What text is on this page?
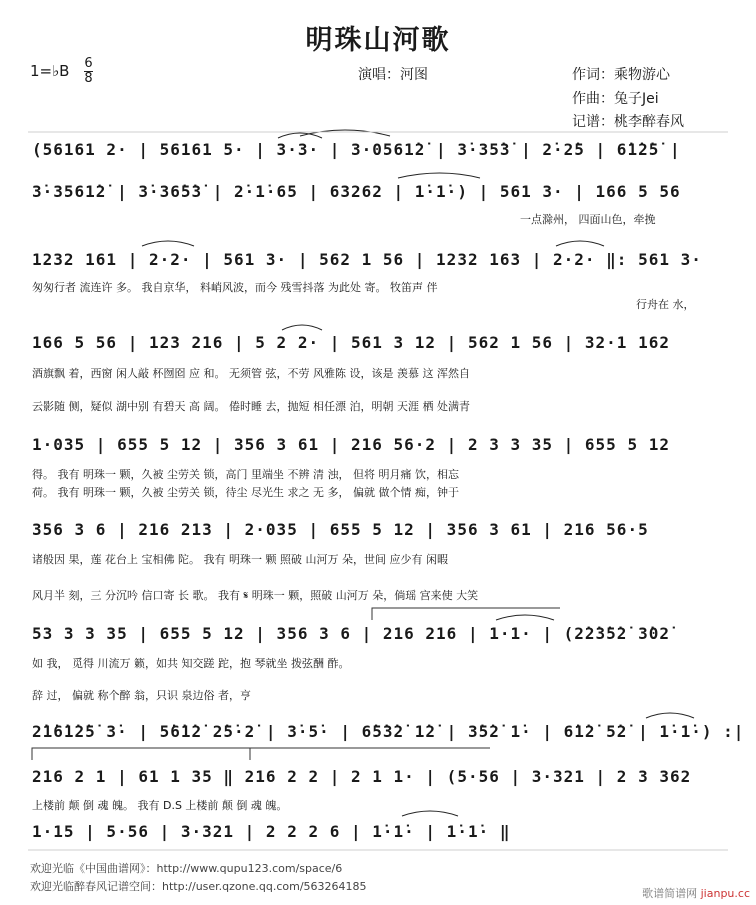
明珠山河歌
1=♭B 6
8	演唱：河图	作词：乘物游心
作曲：兔子Jei
记谱：桃李醉春风
(56161 2· | 56161 5· | 3·3· | 3·0561̇2̇ | 3̇·35̇3̇ | 2̇·2̇5 | 6̇1̇2̇5̇ |
3̇·3561̇2̇ | 3̇·36̇5̇3̇ | 2̇·1̇·65 | 63262 | 1̇·1̇·) | 561 3· | 166 5 56
一点滁州， 四面山色，牵挽
1232 161 | 2·2· | 561 3· | 562 1 56 | 1232 163 | 2·2· ‖: 561 3·
匆匆行者 流连许 多。 我自京华， 料峭风波，而今 残雪抖落 为此处 寄。 牧笛声 伴
行舟在 水，
166 5 56 | 123 216 | 5 2 2· | 561 3 12 | 562 1 56 | 32·1 162
酒旗飘 着，西窗 闲人敲 杯囫囵 应 和。 无须管 弦，不劳 风雅陈 设，该是 羡慕 这 浑然自
云影随 侧，疑似 湖中别 有碧天 高 阔。 倦时睡 去，抛短 相任漂 泊，明朝 天涯 栖 处满青
1·035 | 655 5 12 | 356 3 61 | 216 56·2 | 2 3 3 35 | 655 5 12
得。 我有 明珠一 颗，久被 尘劳关 锁，高门 里端坐 不辨 清 浊， 但将 明月痛 饮，相忘
荷。 我有 明珠一 颗，久被 尘劳关 锁，待尘 尽光生 求之 无 多， 偏就 做个情 痴，钟于
356 3 6 | 216 213 | 2·035 | 655 5 12 | 356 3 61 | 216 56·5
诸般因 果，莲 花台上 宝相佛 陀。 我有 明珠一 颗 照破 山河万 朵，世间 应少有 闲暇
风月半 刻，三 分沉吟 信口寄 长 歌。 我有 𝄋 明珠一 颗，照破 山河万 朵，倘瑶 宫来使 大笑
53 3 3 35 | 655 5 12 | 356 3 6 | 216 216 | 1·1· | (2̇2̇3̇5̇2̇ 3̇02̇
如 我， 觅得 川流万 籁，如共 知交蹉 跎，抱 琴就坐 拨弦酬 酢。
辞 过， 偏就 称个醉 翁，只识 泉边俗 者，亨
2̇1̇6̇1̇2̇5̇ 3̇· | 5̇6̇1̇2̇ 2̇5̇·2̇ | 3̇·5̇· | 6̇5̇3̇2̇ 1̇2̇ | 3̇5̇2̇ 1̇· | 6̇1̇2̇ 5̇2̇ | 1̇·1̇·) :|
216 2 1 | 61 1 35 ‖ 216 2 2 | 2 1 1· | (5·56 | 3·321 | 2 3 362
上楼前 颠 倒 魂 魄。 我有 D.S 上楼前 颠 倒 魂 魄。
1·15 | 5·56 | 3·321 | 2 2 2 6 | 1̇·1̇· | 1̇·1̇· ‖
欢迎光临《中国曲谱网》：http://www.qupu123.com/space/6
欢迎光临醉春风记谱空间：http://user.qzone.qq.com/563264185
歌谱简谱网 jianpu.cc
